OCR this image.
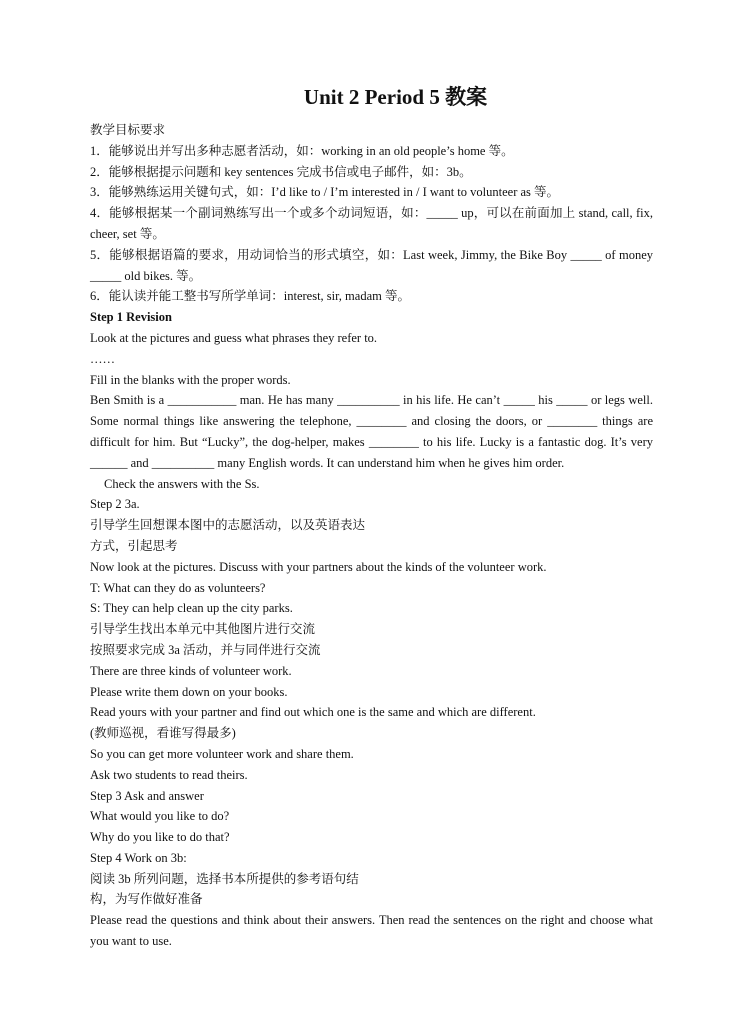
Unit 2 Period 5 教案
教学目标要求
1．能够说出并写出多种志愿者活动，如：working in an old people’s home 等。
2．能够根据提示问题和 key sentences 完成书信或电子邮件，如：3b。
3．能够熟练运用关键句式，如：I’d like to / I’m interested in / I want to volunteer as 等。
4．能够根据某一个副词熟练写出一个或多个动词短语，如：_____ up，可以在前面加上 stand, call, fix, cheer, set 等。
5．能够根据语篇的要求，用动词恰当的形式填空，如：Last week, Jimmy, the Bike Boy _____ of money _____ old bikes. 等。
6．能认读并能工整书写所学单词：interest, sir, madam 等。
Step 1 Revision
Look at the pictures and guess what phrases they refer to.
……
Fill in the blanks with the proper words.
Ben Smith is a ___________ man. He has many __________ in his life. He can’t _____ his _____ or legs well. Some normal things like answering the telephone, ________ and closing the doors, or ________ things are difficult for him. But “Lucky”, the dog-helper, makes ________ to his life. Lucky is a fantastic dog. It’s very ______ and __________ many English words. It can understand him when he gives him order.
Check the answers with the Ss.
Step 2 3a.
引导学生回想课本图中的志愿活动，以及英语表达
方式，引起思考
Now look at the pictures. Discuss with your partners about the kinds of the volunteer work.
T: What can they do as volunteers?
S: They can help clean up the city parks.
引导学生找出本单元中其他图片进行交流
按照要求完成 3a 活动，并与同伴进行交流
There are three kinds of volunteer work.
Please write them down on your books.
Read yours with your partner and find out which one is the same and which are different.
(教师巡视，看谁写得最多)
So you can get more volunteer work and share them.
Ask two students to read theirs.
Step 3 Ask and answer
What would you like to do?
Why do you like to do that?
Step 4 Work on 3b:
阅读 3b 所列问题，选择书本所提供的参考语句结
构，为写作做好准备
Please read the questions and think about their answers. Then read the sentences on the right and choose what you want to use.
